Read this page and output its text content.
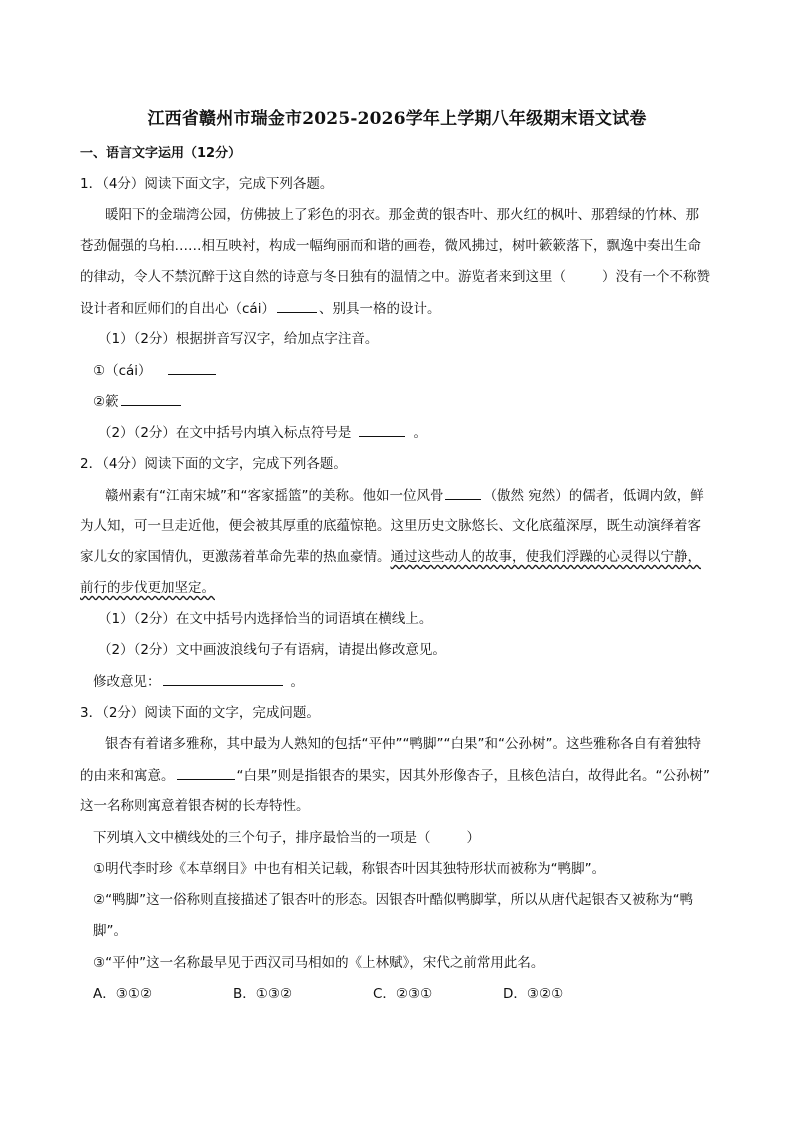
江西省赣州市瑞金市2025-2026学年上学期八年级期末语文试卷
一、语言文字运用（12分）
1．（4分）阅读下面文字，完成下列各题。
暖阳下的金瑞湾公园，仿佛披上了彩色的羽衣。那金黄的银杏叶、那火红的枫叶、那碧绿的竹林、那
苍劲倔强的乌桕……相互映衬，构成一幅绚丽而和谐的画卷，微风拂过，树叶簌簌落下，飘逸中奏出生命
的律动，令人不禁沉醉于这自然的诗意与冬日独有的温情之中。游览者来到这里（	）没有一个不称赞
设计者和匠师们的自出心（cái）	、别具一格的设计。
（1）（2分）根据拼音写汉字，给加点字注音。
①（cái）
②簌
（2）（2分）在文中括号内填入标点符号是	。
2．（4分）阅读下面的文字，完成下列各题。
赣州素有“江南宋城”和“客家摇篮”的美称。他如一位风骨	（傲然 宛然）的儒者，低调内敛，鲜
为人知，可一旦走近他，便会被其厚重的底蕴惊艳。这里历史文脉悠长、文化底蕴深厚，既生动演绎着客
家儿女的家国情仇，更激荡着革命先辈的热血豪情。通过这些动人的故事，使我们浮躁的心灵得以宁静，
前行的步伐更加坚定。
（1）（2分）在文中括号内选择恰当的词语填在横线上。
（2）（2分）文中画波浪线句子有语病，请提出修改意见。
修改意见：	。
3．（2分）阅读下面的文字，完成问题。
银杏有着诸多雅称，其中最为人熟知的包括“平仲”“鸭脚”“白果”和“公孙树”。这些雅称各自有着独特
的由来和寓意。	“白果”则是指银杏的果实，因其外形像杏子，且核色洁白，故得此名。“公孙树”
这一名称则寓意着银杏树的长寿特性。
下列填入文中横线处的三个句子，排序最恰当的一项是（	）
①明代李时珍《本草纲目》中也有相关记载，称银杏叶因其独特形状而被称为“鸭脚”。
②“鸭脚”这一俗称则直接描述了银杏叶的形态。因银杏叶酷似鸭脚掌，所以从唐代起银杏又被称为“鸭
脚”。
③“平仲”这一名称最早见于西汉司马相如的《上林赋》，宋代之前常用此名。
A．③①②	B．①③②	C．②③①	D．③②①
